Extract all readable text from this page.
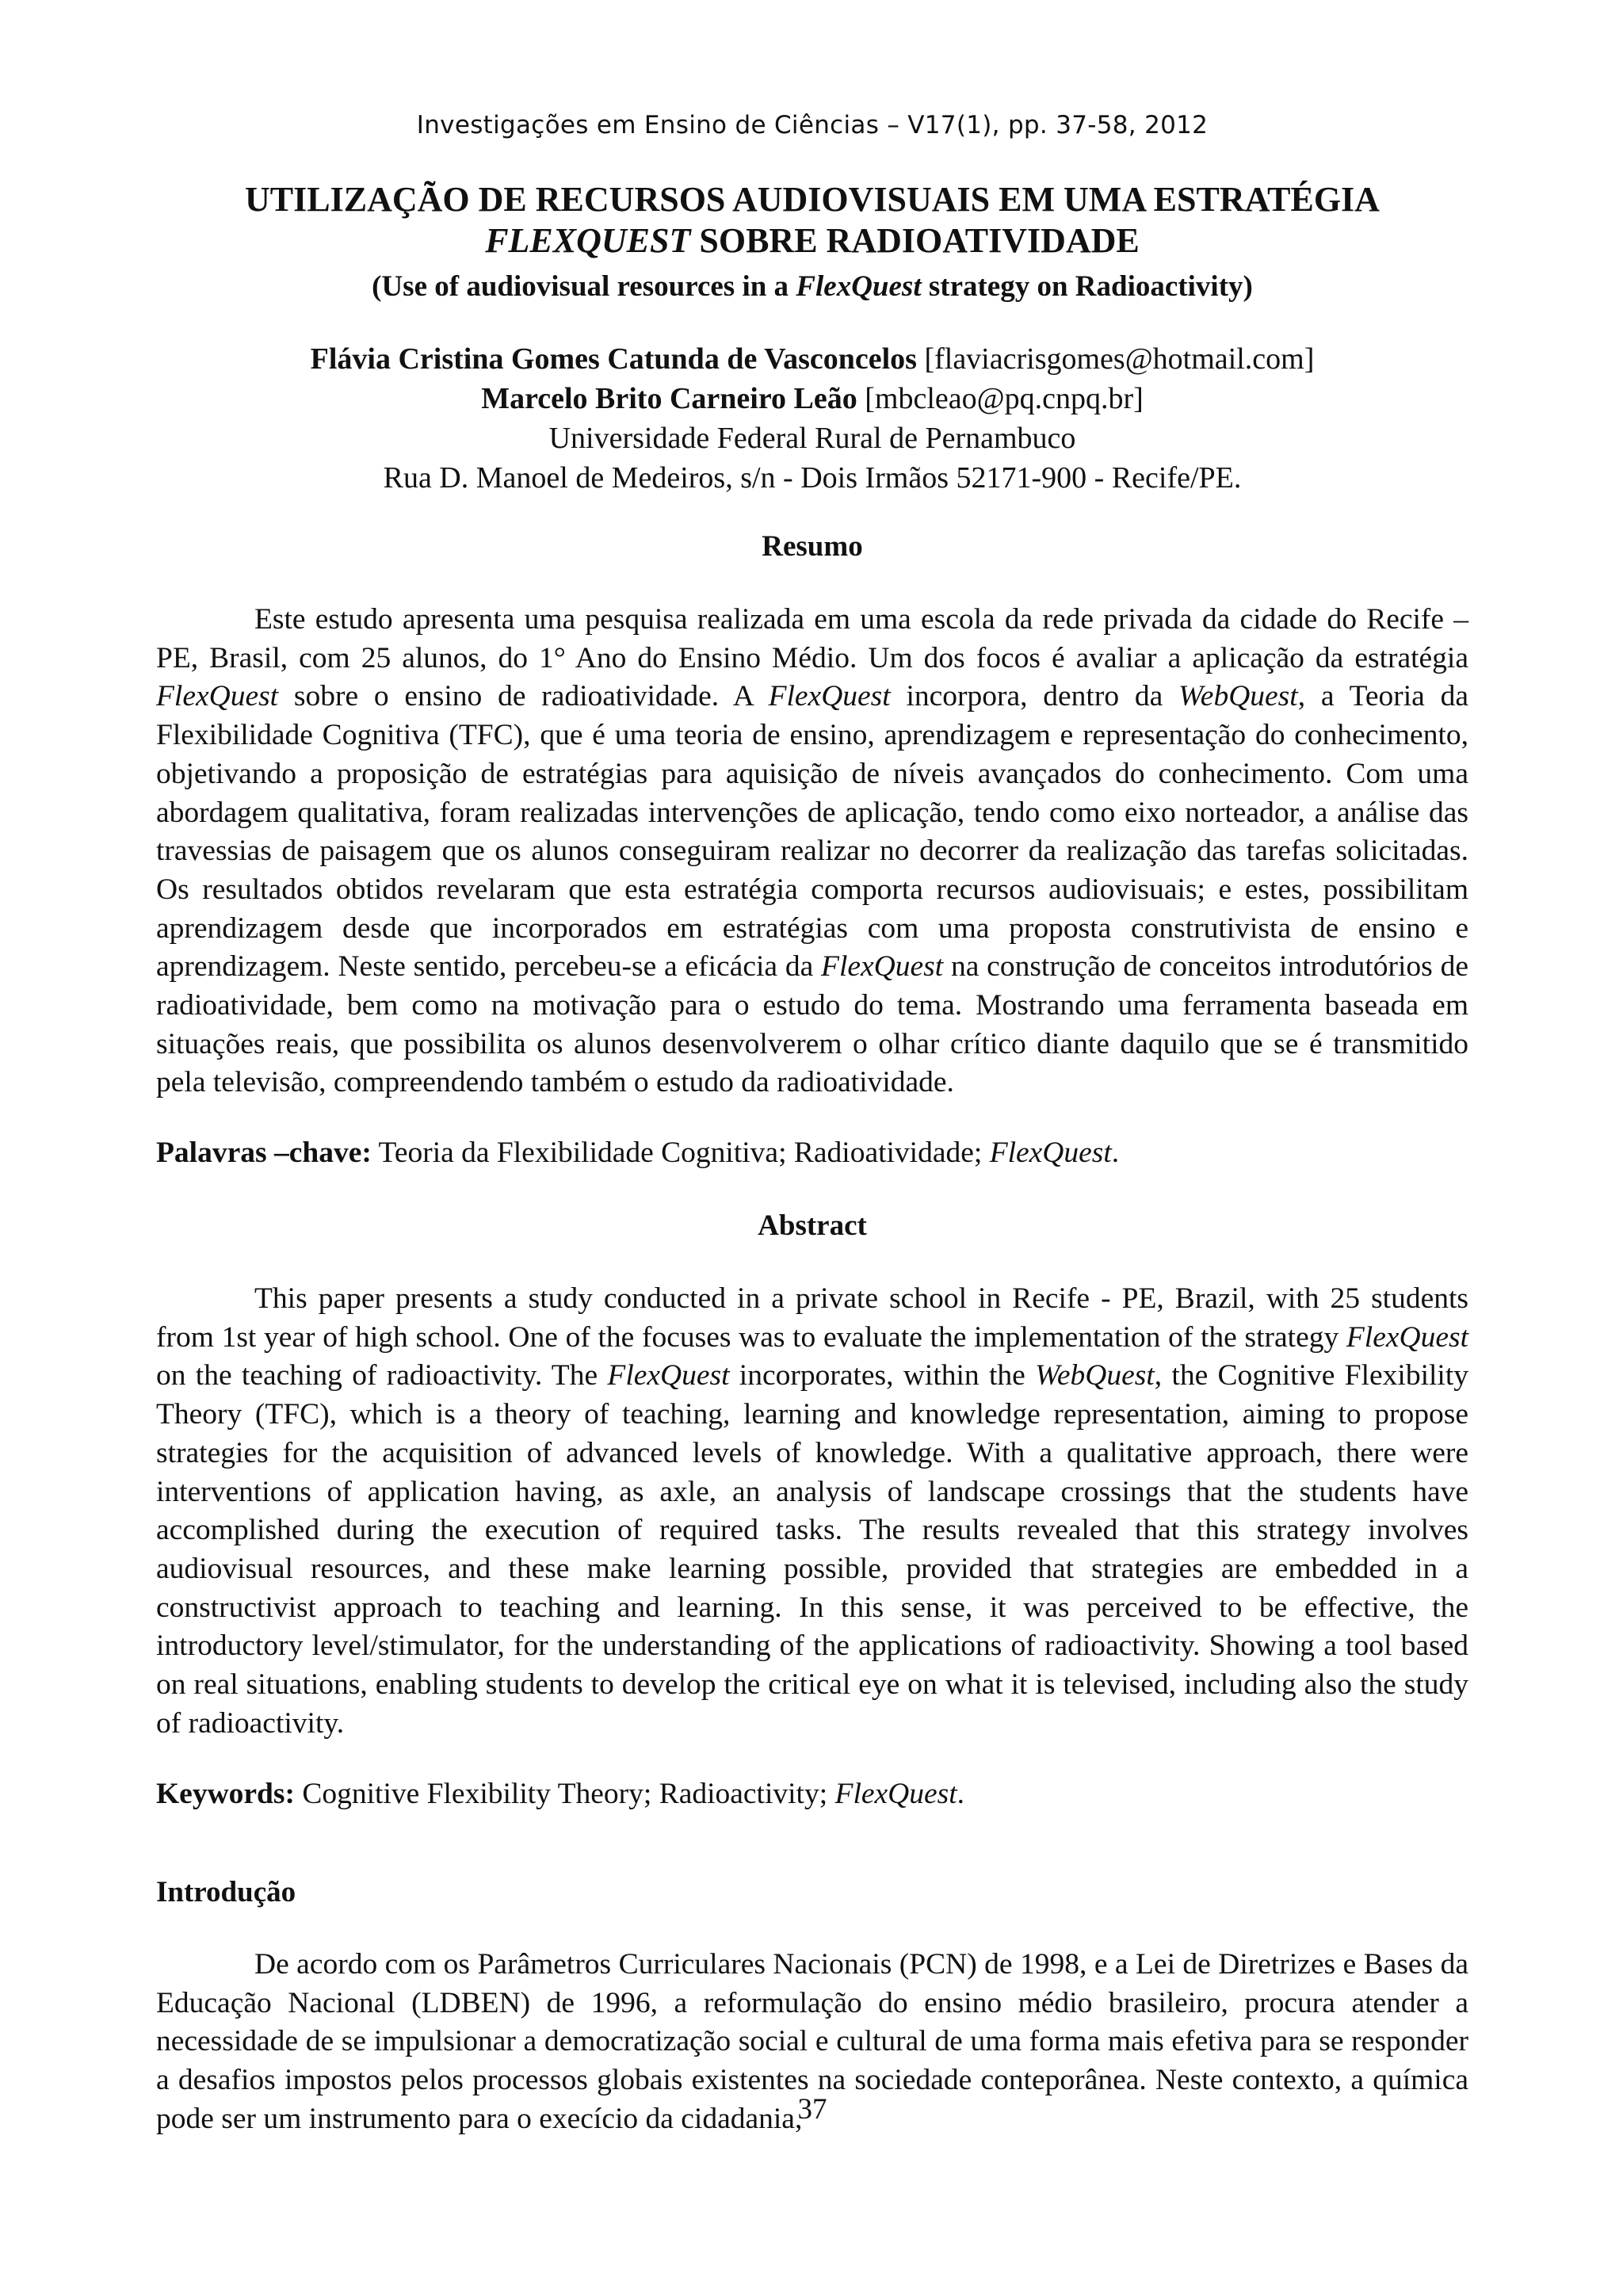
Investigações em Ensino de Ciências – V17(1), pp. 37-58, 2012
UTILIZAÇÃO DE RECURSOS AUDIOVISUAIS EM UMA ESTRATÉGIA
FLEXQUEST SOBRE RADIOATIVIDADE
(Use of audiovisual resources in a FlexQuest strategy on Radioactivity)
Flávia Cristina Gomes Catunda de Vasconcelos [flaviacrisgomes@hotmail.com]
Marcelo Brito Carneiro Leão [mbcleao@pq.cnpq.br]
Universidade Federal Rural de Pernambuco
Rua D. Manoel de Medeiros, s/n - Dois Irmãos 52171-900 - Recife/PE.
Resumo
Este estudo apresenta uma pesquisa realizada em uma escola da rede privada da cidade do Recife – PE, Brasil, com 25 alunos, do 1° Ano do Ensino Médio. Um dos focos é avaliar a aplicação da estratégia FlexQuest sobre o ensino de radioatividade. A FlexQuest incorpora, dentro da WebQuest, a Teoria da Flexibilidade Cognitiva (TFC), que é uma teoria de ensino, aprendizagem e representação do conhecimento, objetivando a proposição de estratégias para aquisição de níveis avançados do conhecimento. Com uma abordagem qualitativa, foram realizadas intervenções de aplicação, tendo como eixo norteador, a análise das travessias de paisagem que os alunos conseguiram realizar no decorrer da realização das tarefas solicitadas. Os resultados obtidos revelaram que esta estratégia comporta recursos audiovisuais; e estes, possibilitam aprendizagem desde que incorporados em estratégias com uma proposta construtivista de ensino e aprendizagem. Neste sentido, percebeu-se a eficácia da FlexQuest na construção de conceitos introdutórios de radioatividade, bem como na motivação para o estudo do tema. Mostrando uma ferramenta baseada em situações reais, que possibilita os alunos desenvolverem o olhar crítico diante daquilo que se é transmitido pela televisão, compreendendo também o estudo da radioatividade.
Palavras –chave: Teoria da Flexibilidade Cognitiva; Radioatividade; FlexQuest.
Abstract
This paper presents a study conducted in a private school in Recife - PE, Brazil, with 25 students from 1st year of high school. One of the focuses was to evaluate the implementation of the strategy FlexQuest on the teaching of radioactivity. The FlexQuest incorporates, within the WebQuest, the Cognitive Flexibility Theory (TFC), which is a theory of teaching, learning and knowledge representation, aiming to propose strategies for the acquisition of advanced levels of knowledge. With a qualitative approach, there were interventions of application having, as axle, an analysis of landscape crossings that the students have accomplished during the execution of required tasks. The results revealed that this strategy involves audiovisual resources, and these make learning possible, provided that strategies are embedded in a constructivist approach to teaching and learning. In this sense, it was perceived to be effective, the introductory level/stimulator, for the understanding of the applications of radioactivity. Showing a tool based on real situations, enabling students to develop the critical eye on what it is televised, including also the study of radioactivity.
Keywords: Cognitive Flexibility Theory; Radioactivity; FlexQuest.
Introdução
De acordo com os Parâmetros Curriculares Nacionais (PCN) de 1998, e a Lei de Diretrizes e Bases da Educação Nacional (LDBEN) de 1996, a reformulação do ensino médio brasileiro, procura atender a necessidade de se impulsionar a democratização social e cultural de uma forma mais efetiva para se responder a desafios impostos pelos processos globais existentes na sociedade conteporânea. Neste contexto, a química pode ser um instrumento para o execício da cidadania,
37
